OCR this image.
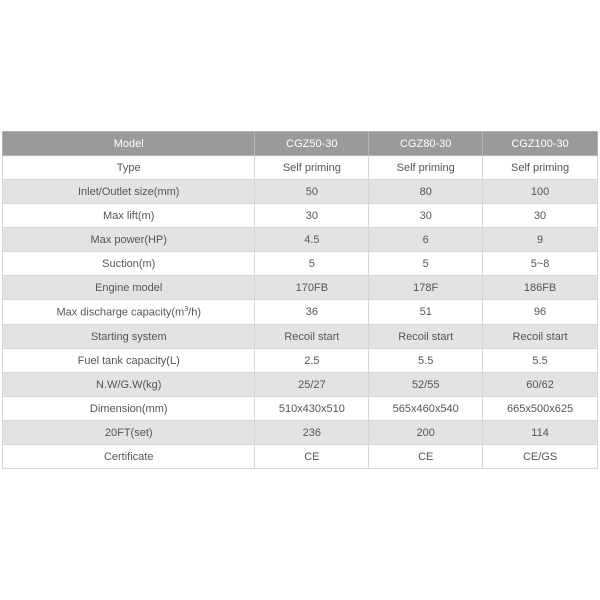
Model	CGZ50-30	CGZ80-30	CGZ100-30
Type	Self priming	Self priming	Self priming
Inlet/Outlet size(mm)	50	80	100
Max lift(m)	30	30	30
Max power(HP)	4.5	6	9
Suction(m)	5	5	5~8
Engine model	170FB	178F	186FB
Max discharge $capacity(m^3/h)$	36	51	96
Starting system	Recoil start	Recoil start	Recoil start
Fuel tank capacity(L)	2.5	5.5	5.5
N.W/G.W(kg)	25/27	52/55	60/62
Dimension(mm)	510x430x510	565x460x540	665x500x625
20FT(set)	236	200	114
Certificate	CE	CE	CE/GS
